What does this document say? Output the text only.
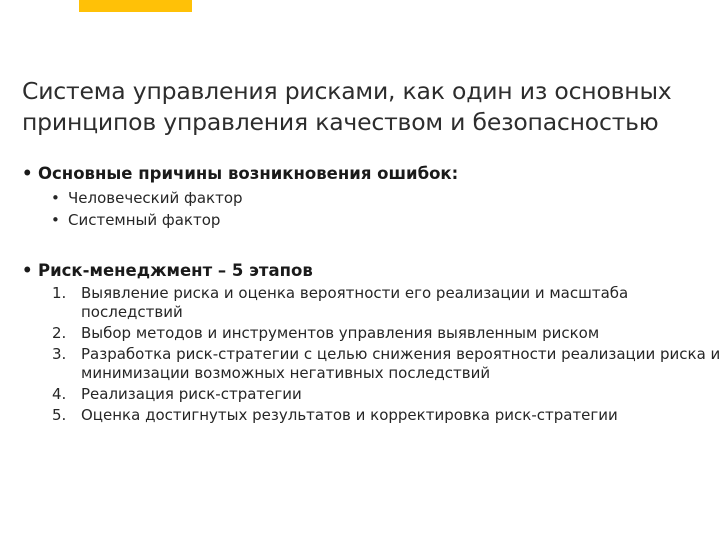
Система управления рисками, как один из основных
принципов управления качеством и безопасностью
• Основные причины возникновения ошибок:
• Человеческий фактор
• Системный фактор
• Риск-менеджмент – 5 этапов
1. Выявление риска и оценка вероятности его реализации и масштаба
последствий
2. Выбор методов и инструментов управления выявленным риском
3. Разработка риск-стратегии с целью снижения вероятности реализации риска и
минимизации возможных негативных последствий
4. Реализация риск-стратегии
5. Оценка достигнутых результатов и корректировка риск-стратегии
